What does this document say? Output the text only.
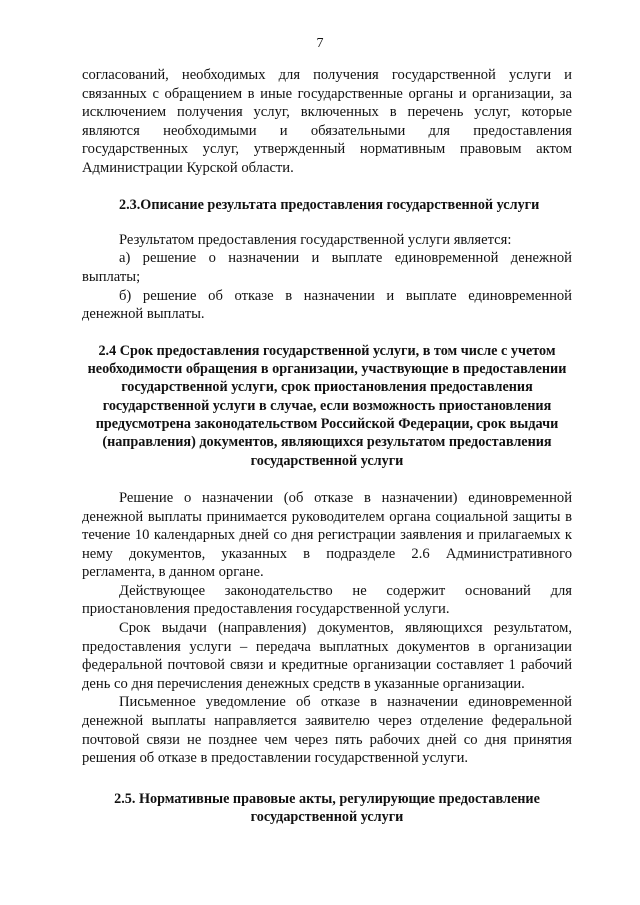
7

согласований, необходимых для получения государственной услуги и связанных с обращением в иные государственные органы и организации, за исключением получения услуг, включенных в перечень услуг, которые являются необходимыми и обязательными для предоставления государственных услуг, утвержденный нормативным правовым актом Администрации Курской области.

2.3.Описание результата предоставления государственной услуги

Результатом предоставления государственной услуги является:

а) решение о назначении и выплате единовременной денежной выплаты;

б) решение об отказе в назначении и выплате единовременной денежной выплаты.

2.4 Срок предоставления государственной услуги, в том числе с учетом необходимости обращения в организации, участвующие в предоставлении государственной услуги, срок приостановления предоставления государственной услуги в случае, если возможность приостановления предусмотрена законодательством Российской Федерации, срок выдачи (направления) документов, являющихся результатом предоставления государственной услуги

Решение о назначении (об отказе в назначении) единовременной денежной выплаты принимается руководителем органа социальной защиты в течение 10 календарных дней со дня регистрации заявления и прилагаемых к нему документов, указанных в подразделе 2.6 Административного регламента, в данном органе.

Действующее законодательство не содержит оснований для приостановления предоставления государственной услуги.

Срок выдачи (направления) документов, являющихся результатом, предоставления услуги – передача выплатных документов в организации федеральной почтовой связи и кредитные организации составляет 1 рабочий день со дня перечисления денежных средств в указанные организации.

Письменное уведомление об отказе в назначении единовременной денежной выплаты направляется заявителю через отделение федеральной почтовой связи не позднее чем через пять рабочих дней со дня принятия решения об отказе в предоставлении государственной услуги.

2.5. Нормативные правовые акты, регулирующие предоставление государственной услуги
